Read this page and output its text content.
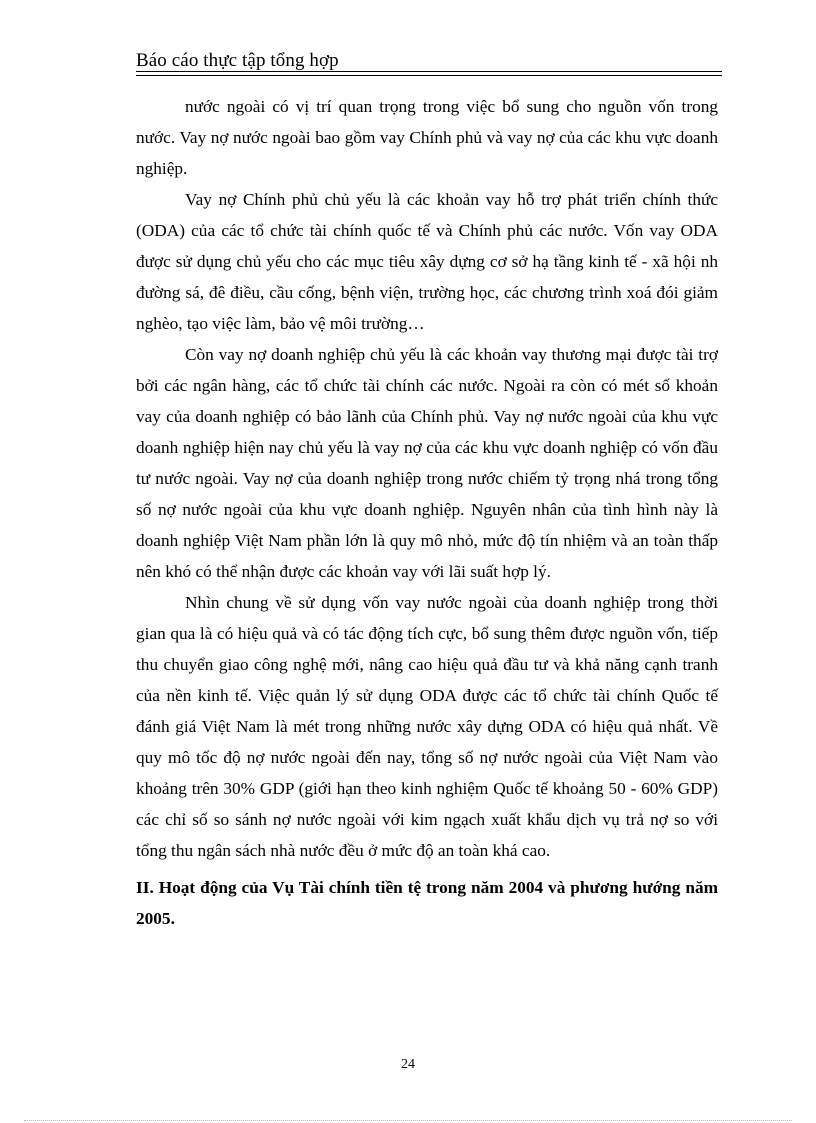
Báo cáo thực tập tổng hợp

nước ngoài có vị trí quan trọng trong việc bổ sung cho nguồn vốn trong nước. Vay nợ nước ngoài bao gồm vay Chính phủ và vay nợ của các khu vực doanh nghiệp.

Vay nợ Chính phủ chủ yếu là các khoản vay hỗ trợ phát triển chính thức (ODA) của các tổ chức tài chính quốc tế và Chính phủ các nước. Vốn vay ODA được sử dụng chủ yếu cho các mục tiêu xây dựng cơ sở hạ tầng kinh tế - xã hội nh đường sá, đê điều, cầu cống, bệnh viện, trường học, các chương trình xoá đói giảm nghèo, tạo việc làm, bảo vệ môi trường…

Còn vay nợ doanh nghiệp chủ yếu là các khoản vay thương mại được tài trợ bởi các ngân hàng, các tổ chức tài chính các nước. Ngoài ra còn có mét số khoản vay của doanh nghiệp có bảo lãnh của Chính phủ. Vay nợ nước ngoài của khu vực doanh nghiệp hiện nay chủ yếu là vay nợ của các khu vực doanh nghiệp có vốn đầu tư nước ngoài. Vay nợ của doanh nghiệp trong nước chiếm tỷ trọng nhá trong tổng số nợ nước ngoài của khu vực doanh nghiệp. Nguyên nhân của tình hình này là doanh nghiệp Việt Nam phần lớn là quy mô nhỏ, mức độ tín nhiệm và an toàn thấp nên khó có thể nhận được các khoản vay với lãi suất hợp lý.

Nhìn chung về sử dụng vốn vay nước ngoài của doanh nghiệp trong thời gian qua là có hiệu quả và có tác động tích cực, bổ sung thêm được nguồn vốn, tiếp thu chuyển giao công nghệ mới, nâng cao hiệu quả đầu tư và khả năng cạnh tranh của nền kinh tế. Việc quản lý sử dụng ODA được các tổ chức tài chính Quốc tế đánh giá Việt Nam là mét trong những nước xây dựng ODA có hiệu quả nhất. Về quy mô tốc độ nợ nước ngoài đến nay, tổng số nợ nước ngoài của Việt Nam vào khoảng trên 30% GDP (giới hạn theo kinh nghiệm Quốc tế khoảng 50 - 60% GDP) các chỉ số so sánh nợ nước ngoài với kim ngạch xuất khẩu dịch vụ trả nợ so với tổng thu ngân sách nhà nước đều ở mức độ an toàn khá cao.

II. Hoạt động của Vụ Tài chính tiền tệ trong năm 2004 và phương hướng năm 2005.

24
